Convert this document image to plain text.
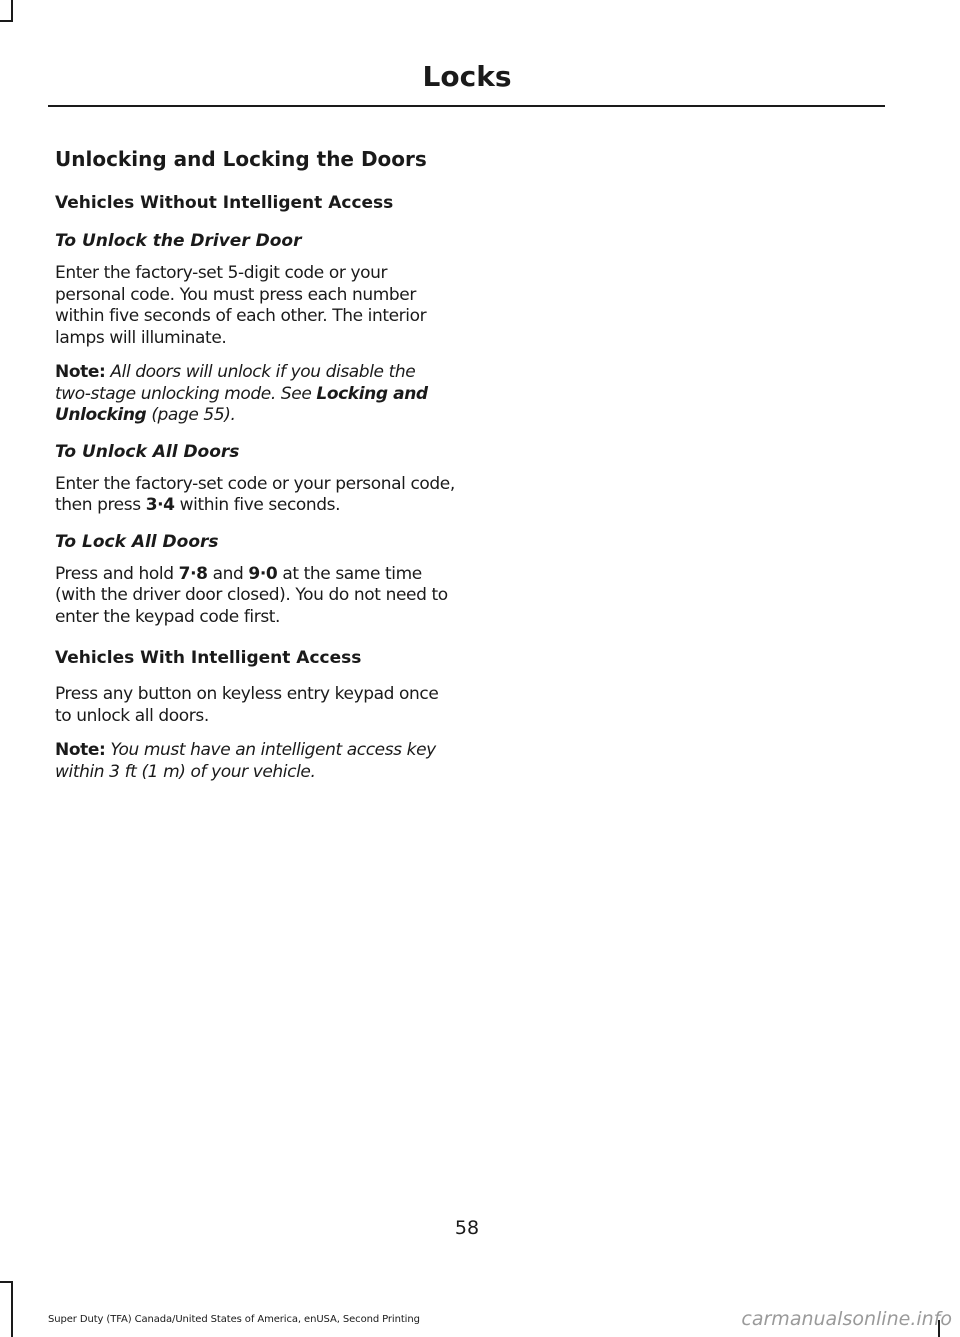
Locks
Unlocking and Locking the Doors
Vehicles Without Intelligent Access
To Unlock the Driver Door

Enter the factory-set 5-digit code or your personal code. You must press each number within five seconds of each other. The interior lamps will illuminate.

Note: All doors will unlock if you disable the two-stage unlocking mode. See Locking and Unlocking (page 55).

To Unlock All Doors

Enter the factory-set code or your personal code, then press 3·4 within five seconds.

To Lock All Doors

Press and hold 7·8 and 9·0 at the same time (with the driver door closed). You do not need to enter the keypad code first.

Vehicles With Intelligent Access

Press any button on keyless entry keypad once to unlock all doors.

Note: You must have an intelligent access key within 3 ft (1 m) of your vehicle.

58
Super Duty (TFA) Canada/United States of America, enUSA, Second Printing	carmanualsonline.info
